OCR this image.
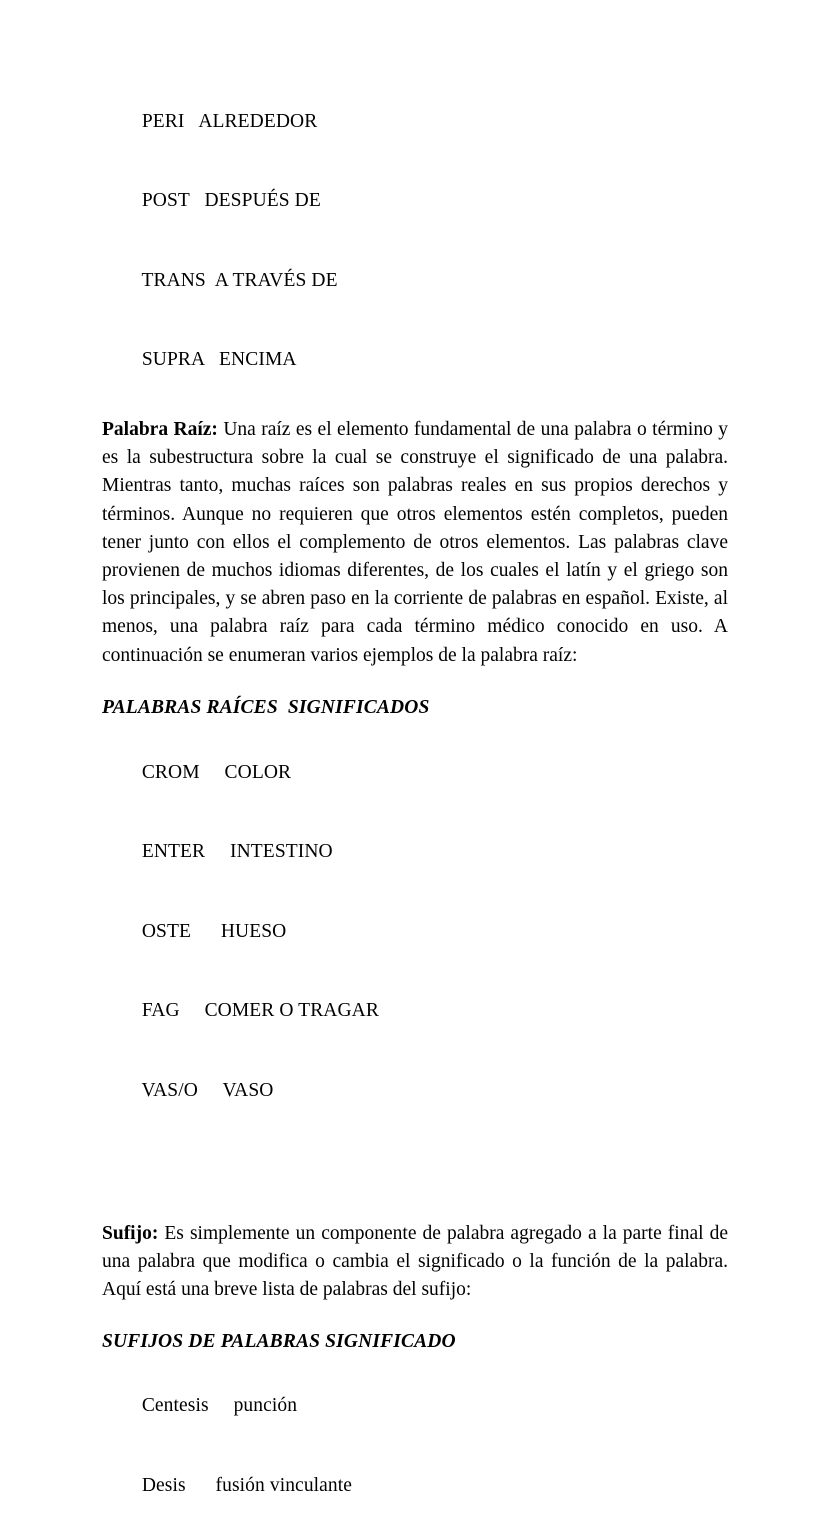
PERI ALREDEDOR

POST DESPUÉS DE

TRANS A TRAVÉS DE

SUPRA ENCIMA

Palabra Raíz: Una raíz es el elemento fundamental de una palabra o término y es la subestructura sobre la cual se construye el significado de una palabra. Mientras tanto, muchas raíces son palabras reales en sus propios derechos y términos. Aunque no requieren que otros elementos estén completos, pueden tener junto con ellos el complemento de otros elementos. Las palabras clave provienen de muchos idiomas diferentes, de los cuales el latín y el griego son los principales, y se abren paso en la corriente de palabras en español. Existe, al menos, una palabra raíz para cada término médico conocido en uso. A continuación se enumeran varios ejemplos de la palabra raíz:

PALABRAS RAÍCES  SIGNIFICADOS

CROM COLOR

ENTER INTESTINO

OSTE HUESO

FAG COMER O TRAGAR

VAS/O VASO

Sufijo: Es simplemente un componente de palabra agregado a la parte final de una palabra que modifica o cambia el significado o la función de la palabra. Aquí está una breve lista de palabras del sufijo:

SUFIJOS DE PALABRAS SIGNIFICADO

Centesis punción

Desis fusión vinculante
